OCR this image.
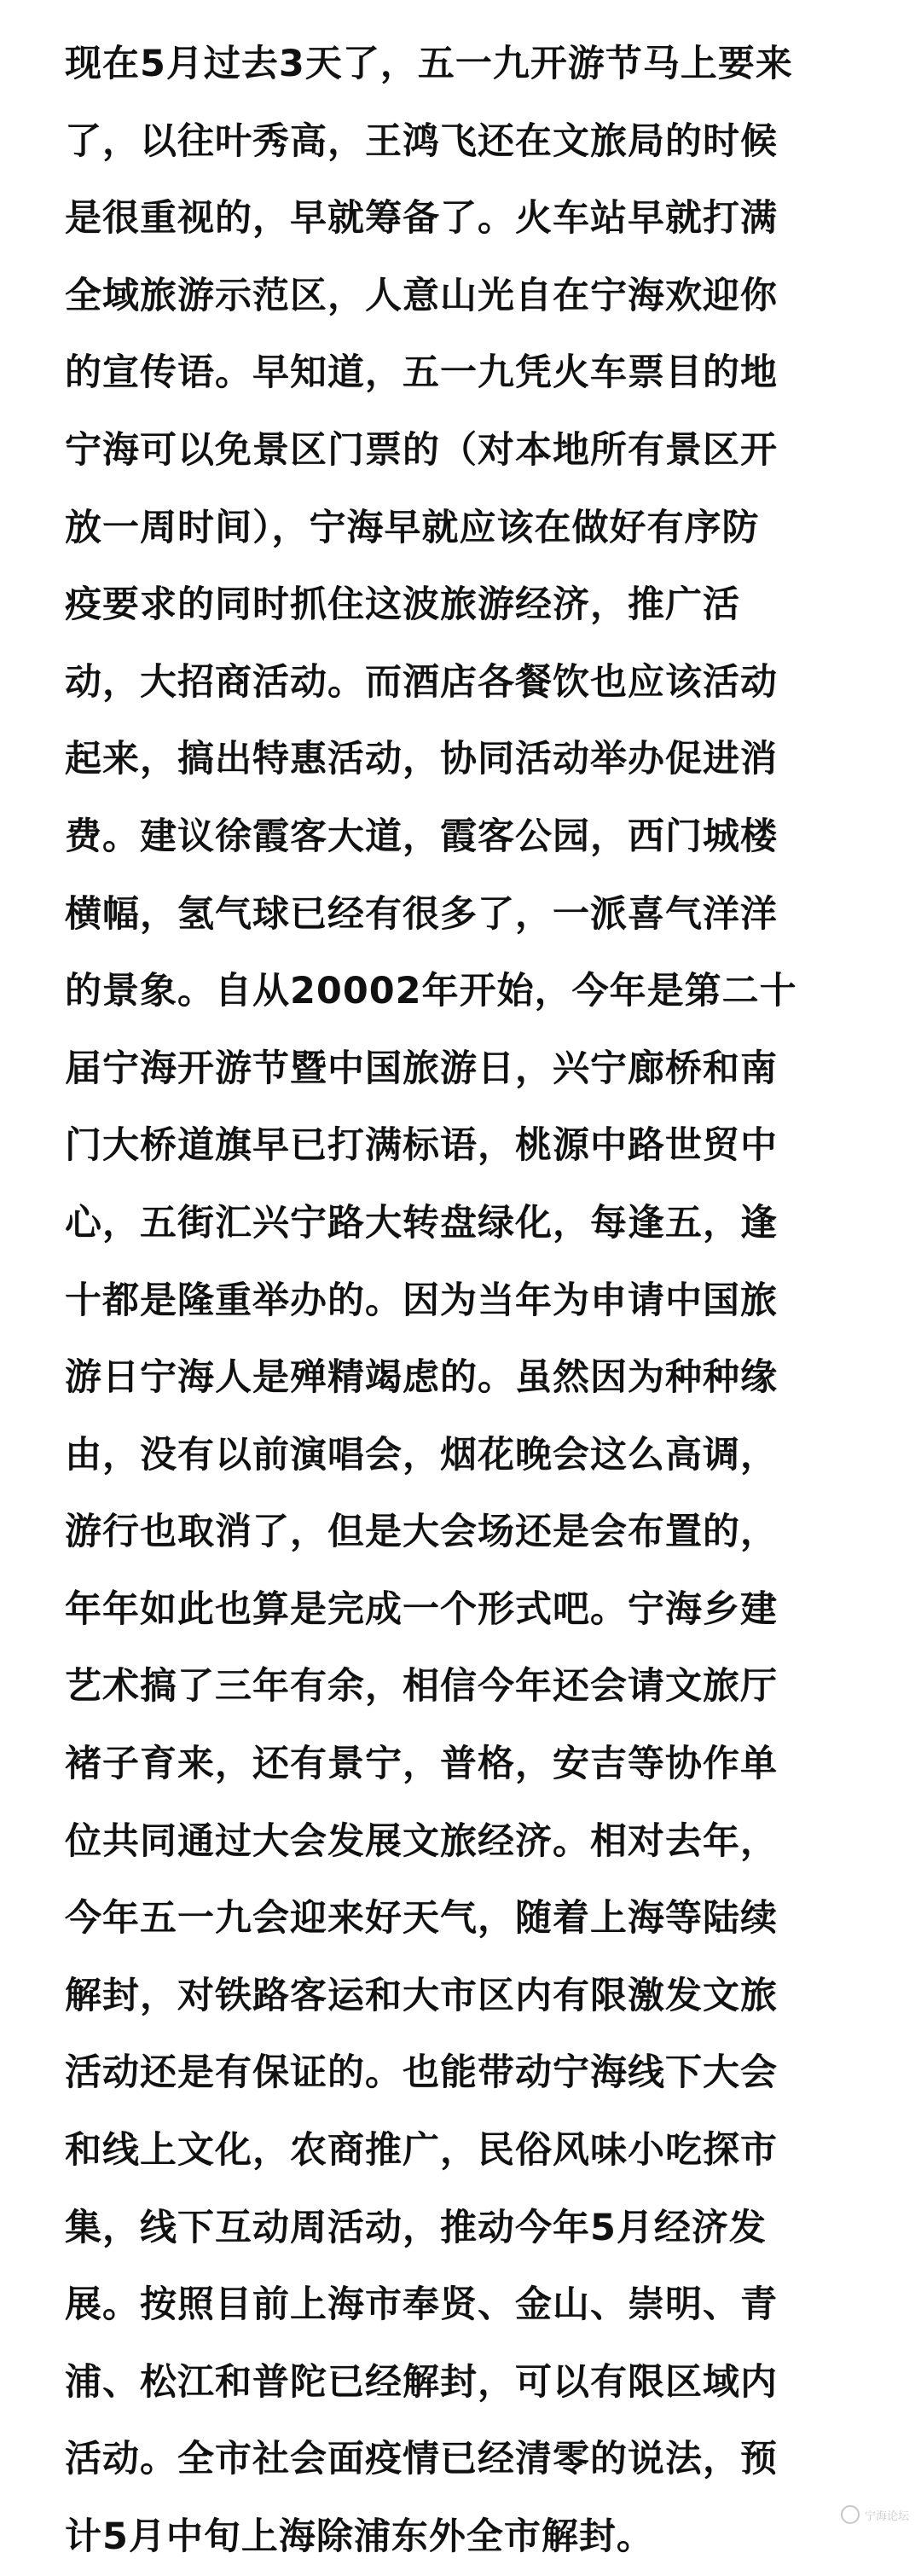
现在5月过去3天了，五一九开游节马上要来
了，以往叶秀高，王鸿飞还在文旅局的时候
是很重视的，早就筹备了。火车站早就打满
全域旅游示范区，人意山光自在宁海欢迎你
的宣传语。早知道，五一九凭火车票目的地
宁海可以免景区门票的（对本地所有景区开
放一周时间），宁海早就应该在做好有序防
疫要求的同时抓住这波旅游经济，推广活
动，大招商活动。而酒店各餐饮也应该活动
起来，搞出特惠活动，协同活动举办促进消
费。建议徐霞客大道，霞客公园，西门城楼
横幅，氢气球已经有很多了，一派喜气洋洋
的景象。自从20002年开始，今年是第二十
届宁海开游节暨中国旅游日，兴宁廊桥和南
门大桥道旗早已打满标语，桃源中路世贸中
心，五街汇兴宁路大转盘绿化，每逢五，逢
十都是隆重举办的。因为当年为申请中国旅
游日宁海人是殚精竭虑的。虽然因为种种缘
由，没有以前演唱会，烟花晚会这么高调，
游行也取消了，但是大会场还是会布置的，
年年如此也算是完成一个形式吧。宁海乡建
艺术搞了三年有余，相信今年还会请文旅厅
褚子育来，还有景宁，普格，安吉等协作单
位共同通过大会发展文旅经济。相对去年，
今年五一九会迎来好天气，随着上海等陆续
解封，对铁路客运和大市区内有限激发文旅
活动还是有保证的。也能带动宁海线下大会
和线上文化，农商推广，民俗风味小吃探市
集，线下互动周活动，推动今年5月经济发
展。按照目前上海市奉贤、金山、崇明、青
浦、松江和普陀已经解封，可以有限区域内
活动。全市社会面疫情已经清零的说法，预
计5月中旬上海除浦东外全市解封。	宁海论坛
